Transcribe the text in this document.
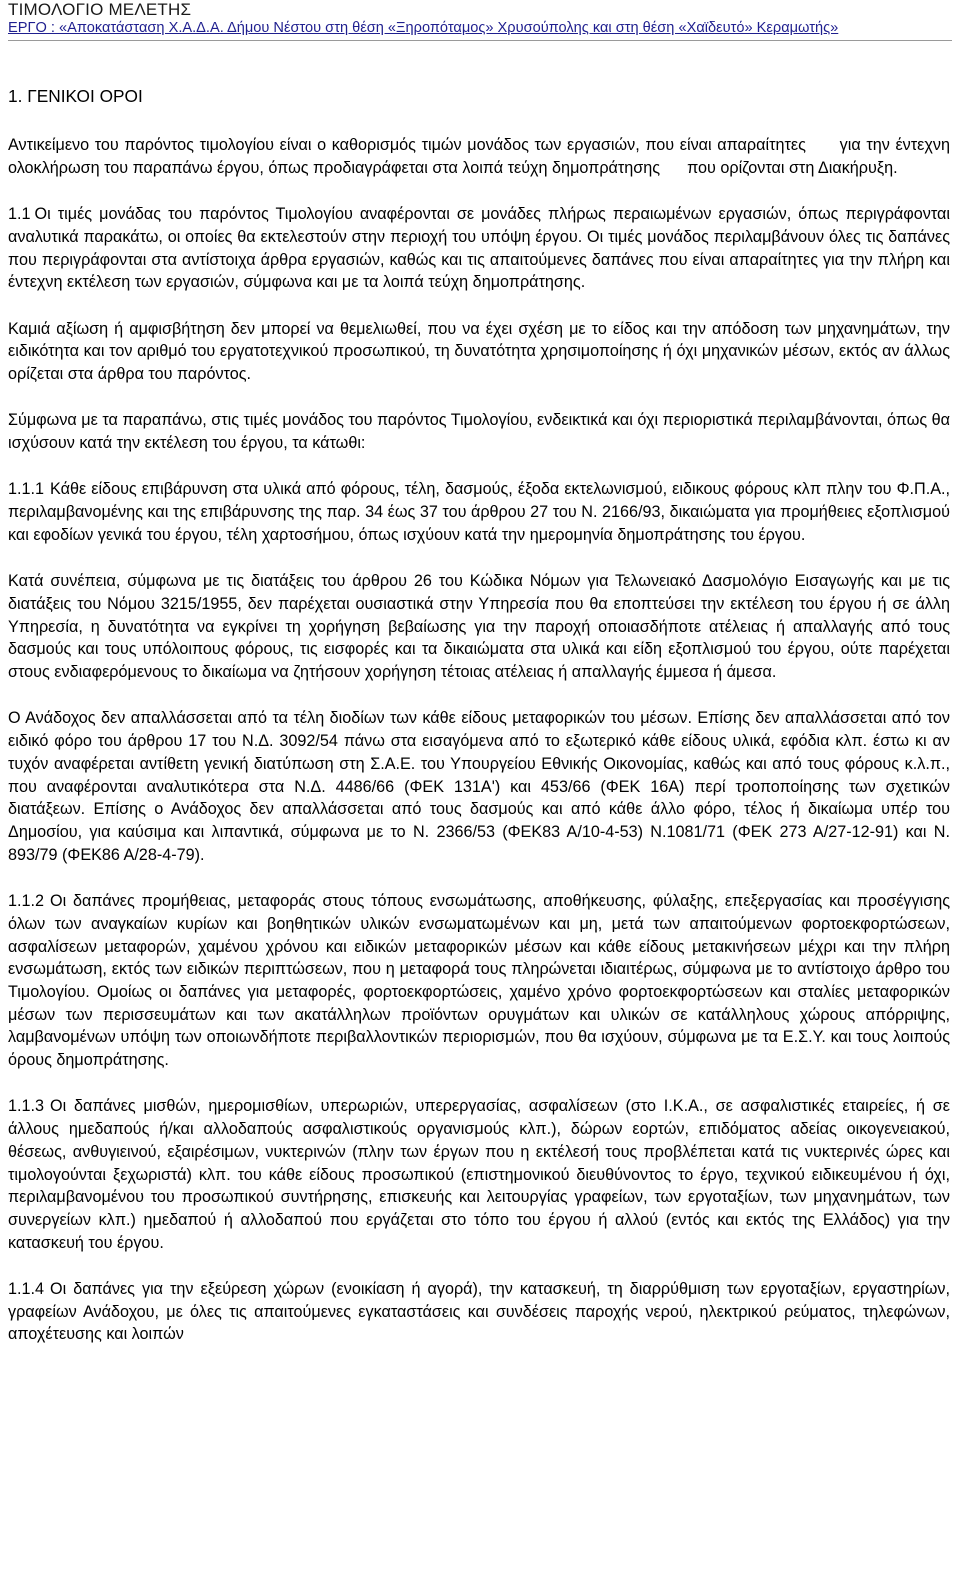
ΤΙΜΟΛΟΓΙΟ ΜΕΛΕΤΗΣ
ΕΡΓΟ : «Αποκατάσταση Χ.Α.Δ.Α. Δήμου Νέστου στη θέση «Ξηροπόταμος» Χρυσούπολης και στη θέση «Χαϊδευτό» Κεραμωτής»
1. ΓΕΝΙΚΟΙ ΟΡΟΙ

Αντικείμενο του παρόντος τιμολογίου είναι ο καθορισμός τιμών μονάδος των εργασιών, που είναι απαραίτητες      για την έντεχνη ολοκλήρωση του παραπάνω έργου, όπως προδιαγράφεται στα λοιπά τεύχη δημοπράτησης      που ορίζονται στη Διακήρυξη.

1.1 Οι τιμές μονάδας του παρόντος Τιμολογίου αναφέρονται σε μονάδες πλήρως περαιωμένων εργασιών, όπως περιγράφονται αναλυτικά παρακάτω, οι οποίες θα εκτελεστούν στην περιοχή του υπόψη έργου. Οι τιμές μονάδος περιλαμβάνουν όλες τις δαπάνες που περιγράφονται στα αντίστοιχα άρθρα εργασιών, καθώς και τις απαιτούμενες δαπάνες που είναι απαραίτητες για την πλήρη και έντεχνη εκτέλεση των εργασιών, σύμφωνα και με τα λοιπά τεύχη δημοπράτησης.

Καμιά αξίωση ή αμφισβήτηση δεν μπορεί να θεμελιωθεί, που να έχει σχέση με το είδος και την απόδοση των μηχανημάτων, την ειδικότητα και τον αριθμό του εργατοτεχνικού προσωπικού, τη δυνατότητα χρησιμοποίησης ή όχι μηχανικών μέσων, εκτός αν άλλως ορίζεται στα άρθρα του παρόντος.

Σύμφωνα με τα παραπάνω, στις τιμές μονάδος του παρόντος Τιμολογίου, ενδεικτικά και όχι περιοριστικά περιλαμβάνονται, όπως θα ισχύσουν κατά την εκτέλεση του έργου, τα κάτωθι:

1.1.1 Κάθε είδους επιβάρυνση στα υλικά από φόρους, τέλη, δασμούς, έξοδα εκτελωνισμού, ειδικους φόρους κλπ πλην του Φ.Π.Α., περιλαμβανομένης και της επιβάρυνσης της παρ. 34 έως 37 του άρθρου 27 του Ν. 2166/93, δικαιώματα για προμήθειες εξοπλισμού και εφοδίων γενικά του έργου, τέλη χαρτοσήμου, όπως ισχύουν κατά την ημερομηνία δημοπράτησης του έργου.

Κατά συνέπεια, σύμφωνα με τις διατάξεις του άρθρου 26 του Κώδικα Νόμων για Τελωνειακό Δασμολόγιο Εισαγωγής και με τις διατάξεις του Νόμου 3215/1955, δεν παρέχεται ουσιαστικά στην Υπηρεσία που θα εποπτεύσει την εκτέλεση του έργου ή σε άλλη Υπηρεσία, η δυνατότητα να εγκρίνει τη χορήγηση βεβαίωσης για την παροχή οποιασδήποτε ατέλειας ή απαλλαγής από τους δασμούς και τους υπόλοιπους φόρους, τις εισφορές και τα δικαιώματα στα υλικά και είδη εξοπλισμού του έργου, ούτε παρέχεται στους ενδιαφερόμενους το δικαίωμα να ζητήσουν χορήγηση τέτοιας ατέλειας ή απαλλαγής έμμεσα ή άμεσα.

Ο Ανάδοχος δεν απαλλάσσεται από τα τέλη διοδίων των κάθε είδους μεταφορικών του μέσων. Επίσης δεν απαλλάσσεται από τον ειδικό φόρο του άρθρου 17 του Ν.Δ. 3092/54 πάνω στα εισαγόμενα από το εξωτερικό κάθε είδους υλικά, εφόδια κλπ. έστω κι αν τυχόν αναφέρεται αντίθετη γενική διατύπωση στη Σ.Α.Ε. του Υπουργείου Εθνικής Οικονομίας, καθώς και από τους φόρους κ.λ.π., που αναφέρονται αναλυτικότερα στα Ν.Δ. 4486/66 (ΦΕΚ 131Α') και 453/66 (ΦΕΚ 16Α) περί τροποποίησης των σχετικών διατάξεων. Επίσης ο Ανάδοχος δεν απαλλάσσεται από τους δασμούς και από κάθε άλλο φόρο, τέλος ή δικαίωμα υπέρ του Δημοσίου, για καύσιμα και λιπαντικά, σύμφωνα με το Ν. 2366/53 (ΦΕΚ83 Α/10-4-53) Ν.1081/71 (ΦΕΚ 273 Α/27-12-91) και Ν. 893/79 (ΦΕΚ86 Α/28-4-79).

1.1.2 Οι δαπάνες προμήθειας, μεταφοράς στους τόπους ενσωμάτωσης, αποθήκευσης, φύλαξης, επεξεργασίας και προσέγγισης όλων των αναγκαίων κυρίων και βοηθητικών υλικών ενσωματωμένων και μη, μετά των απαιτούμενων φορτοεκφορτώσεων, ασφαλίσεων μεταφορών, χαμένου χρόνου και ειδικών μεταφορικών μέσων και κάθε είδους μετακινήσεων μέχρι και την πλήρη ενσωμάτωση, εκτός των ειδικών περιπτώσεων, που η μεταφορά τους πληρώνεται ιδιαιτέρως, σύμφωνα με το αντίστοιχο άρθρο του Τιμολογίου. Ομοίως οι δαπάνες για μεταφορές, φορτοεκφορτώσεις, χαμένο χρόνο φορτοεκφορτώσεων και σταλίες μεταφορικών μέσων των περισσευμάτων και των ακατάλληλων προϊόντων ορυγμάτων και υλικών σε κατάλληλους χώρους απόρριψης, λαμβανομένων υπόψη των οποιωνδήποτε περιβαλλοντικών περιορισμών, που θα ισχύουν, σύμφωνα με τα Ε.Σ.Υ. και τους λοιπούς όρους δημοπράτησης.

1.1.3 Οι δαπάνες μισθών, ημερομισθίων, υπερωριών, υπερεργασίας, ασφαλίσεων (στο Ι.Κ.Α., σε ασφαλιστικές εταιρείες, ή σε άλλους ημεδαπούς ή/και αλλοδαπούς ασφαλιστικούς οργανισμούς κλπ.), δώρων εορτών, επιδόματος αδείας οικογενειακού, θέσεως, ανθυγιεινού, εξαιρέσιμων, νυκτερινών (πλην των έργων που η εκτέλεσή τους προβλέπεται κατά τις νυκτερινές ώρες και τιμολογούνται ξεχωριστά) κλπ. του κάθε είδους προσωπικού (επιστημονικού διευθύνοντος το έργο, τεχνικού ειδικευμένου ή όχι, περιλαμβανομένου του προσωπικού συντήρησης, επισκευής και λειτουργίας γραφείων, των εργοταξίων, των μηχανημάτων, των συνεργείων κλπ.) ημεδαπού ή αλλοδαπού που εργάζεται στο τόπο του έργου ή αλλού (εντός και εκτός της Ελλάδος) για την κατασκευή του έργου.

1.1.4 Οι δαπάνες για την εξεύρεση χώρων (ενοικίαση ή αγορά), την κατασκευή, τη διαρρύθμιση των εργοταξίων, εργαστηρίων, γραφείων Ανάδοχου, με όλες τις απαιτούμενες εγκαταστάσεις και συνδέσεις παροχής νερού, ηλεκτρικού ρεύματος, τηλεφώνων, αποχέτευσης και λοιπών
